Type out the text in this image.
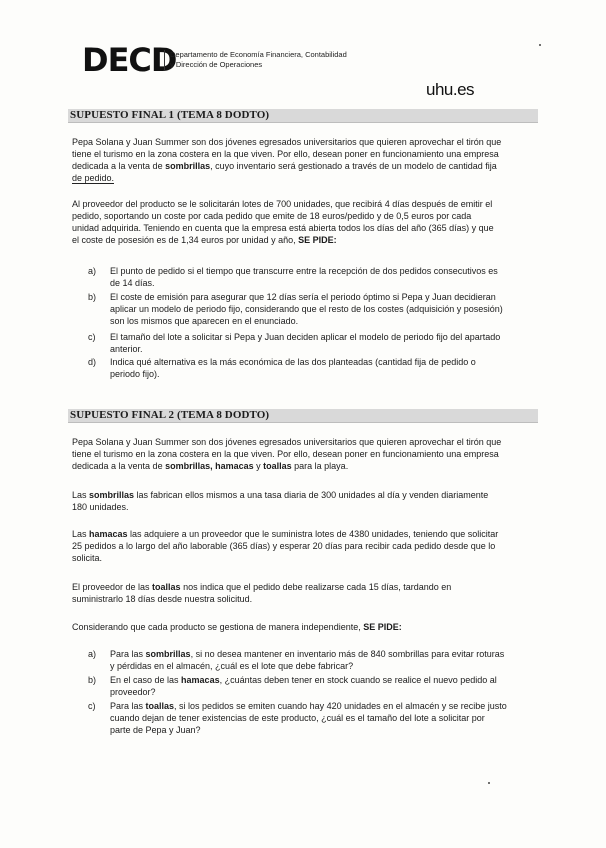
DECD
Departamento de Economía Financiera, Contabilidad
y Dirección de Operaciones
uhu.es
SUPUESTO FINAL 1 (TEMA 8 DODTO)
Pepa Solana y Juan Summer son dos jóvenes egresados universitarios que quieren aprovechar el tirón que
tiene el turismo en la zona costera en la que viven. Por ello, desean poner en funcionamiento una empresa
dedicada a la venta de sombrillas, cuyo inventario será gestionado a través de un modelo de cantidad fija
de pedido.
Al proveedor del producto se le solicitarán lotes de 700 unidades, que recibirá 4 días después de emitir el
pedido, soportando un coste por cada pedido que emite de 18 euros/pedido y de 0,5 euros por cada
unidad adquirida. Teniendo en cuenta que la empresa está abierta todos los días del año (365 días) y que
el coste de posesión es de 1,34 euros por unidad y año, SE PIDE:
a) El punto de pedido si el tiempo que transcurre entre la recepción de dos pedidos consecutivos es
de 14 días.
b) El coste de emisión para asegurar que 12 días sería el periodo óptimo si Pepa y Juan decidieran
aplicar un modelo de periodo fijo, considerando que el resto de los costes (adquisición y posesión)
son los mismos que aparecen en el enunciado.
c) El tamaño del lote a solicitar si Pepa y Juan deciden aplicar el modelo de periodo fijo del apartado
anterior.
d) Indica qué alternativa es la más económica de las dos planteadas (cantidad fija de pedido o
periodo fijo).
SUPUESTO FINAL 2 (TEMA 8 DODTO)
Pepa Solana y Juan Summer son dos jóvenes egresados universitarios que quieren aprovechar el tirón que
tiene el turismo en la zona costera en la que viven. Por ello, desean poner en funcionamiento una empresa
dedicada a la venta de sombrillas, hamacas y toallas para la playa.
Las sombrillas las fabrican ellos mismos a una tasa diaria de 300 unidades al día y venden diariamente
180 unidades.
Las hamacas las adquiere a un proveedor que le suministra lotes de 4380 unidades, teniendo que solicitar
25 pedidos a lo largo del año laborable (365 días) y esperar 20 días para recibir cada pedido desde que lo
solicita.
El proveedor de las toallas nos indica que el pedido debe realizarse cada 15 días, tardando en
suministrarlo 18 días desde nuestra solicitud.
Considerando que cada producto se gestiona de manera independiente, SE PIDE:
a) Para las sombrillas, si no desea mantener en inventario más de 840 sombrillas para evitar roturas
y pérdidas en el almacén, ¿cuál es el lote que debe fabricar?
b) En el caso de las hamacas, ¿cuántas deben tener en stock cuando se realice el nuevo pedido al
proveedor?
c) Para las toallas, si los pedidos se emiten cuando hay 420 unidades en el almacén y se recibe justo
cuando dejan de tener existencias de este producto, ¿cuál es el tamaño del lote a solicitar por
parte de Pepa y Juan?
